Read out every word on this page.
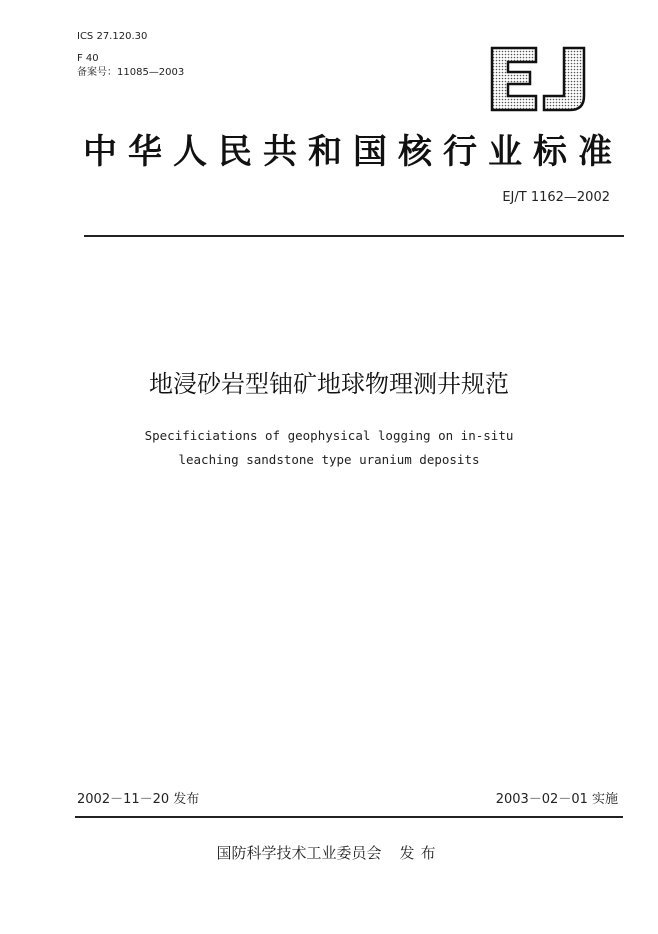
ICS 27.120.30
F 40
备案号：11085—2003
中华人民共和国核行业标准
EJ/T 1162—2002
地浸砂岩型铀矿地球物理测井规范
Specificiations of geophysical logging on in-situ
leaching sandstone type uranium deposits
2002－11－20 发布	2003－02－01 实施
国防科学技术工业委员会 发布
